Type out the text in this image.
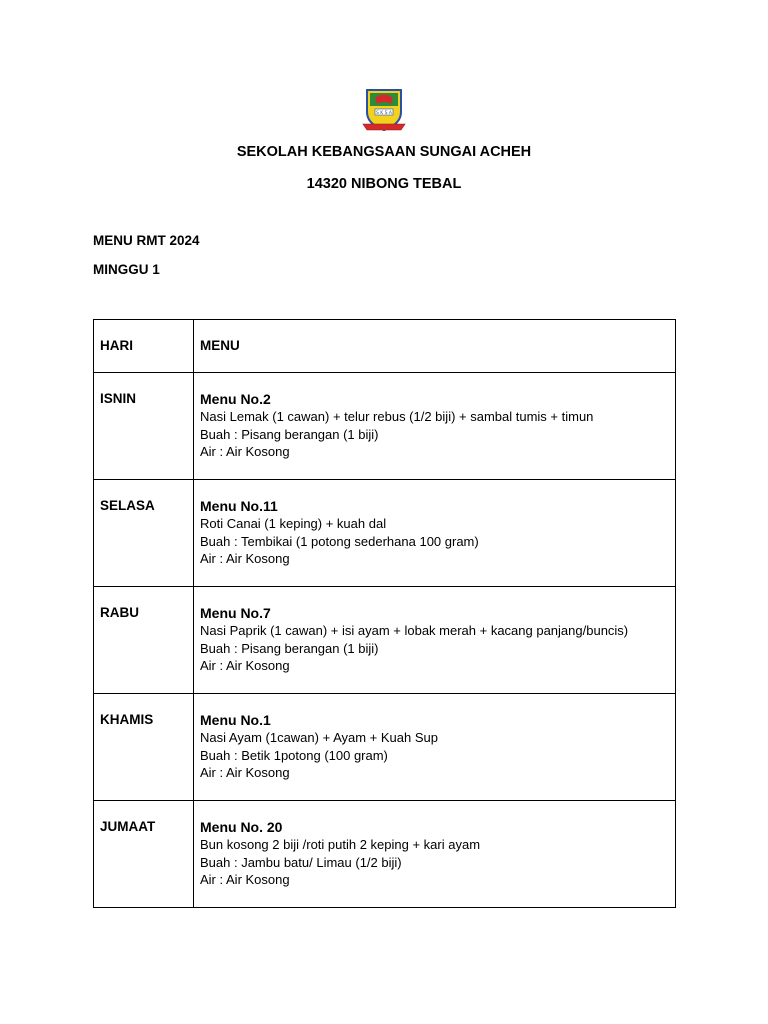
S K S A
SEKOLAH KEBANGSAAN SUNGAI ACHEH
14320 NIBONG TEBAL
MENU RMT 2024
MINGGU 1
HARI	MENU

ISNIN	Menu No.2
Nasi Lemak (1 cawan) + telur rebus (1/2 biji) + sambal tumis + timun
Buah : Pisang berangan (1 biji)
Air : Air Kosong

SELASA	Menu No.11
Roti Canai (1 keping) + kuah dal
Buah : Tembikai (1 potong sederhana 100 gram)
Air : Air Kosong

RABU	Menu No.7
Nasi Paprik (1 cawan) + isi ayam + lobak merah + kacang panjang/buncis)
Buah : Pisang berangan (1 biji)
Air : Air Kosong

KHAMIS	Menu No.1
Nasi Ayam (1cawan) + Ayam + Kuah Sup
Buah : Betik 1potong (100 gram)
Air : Air Kosong

JUMAAT	Menu No. 20
Bun kosong 2 biji /roti putih 2 keping + kari ayam
Buah : Jambu batu/ Limau (1/2 biji)
Air : Air Kosong
